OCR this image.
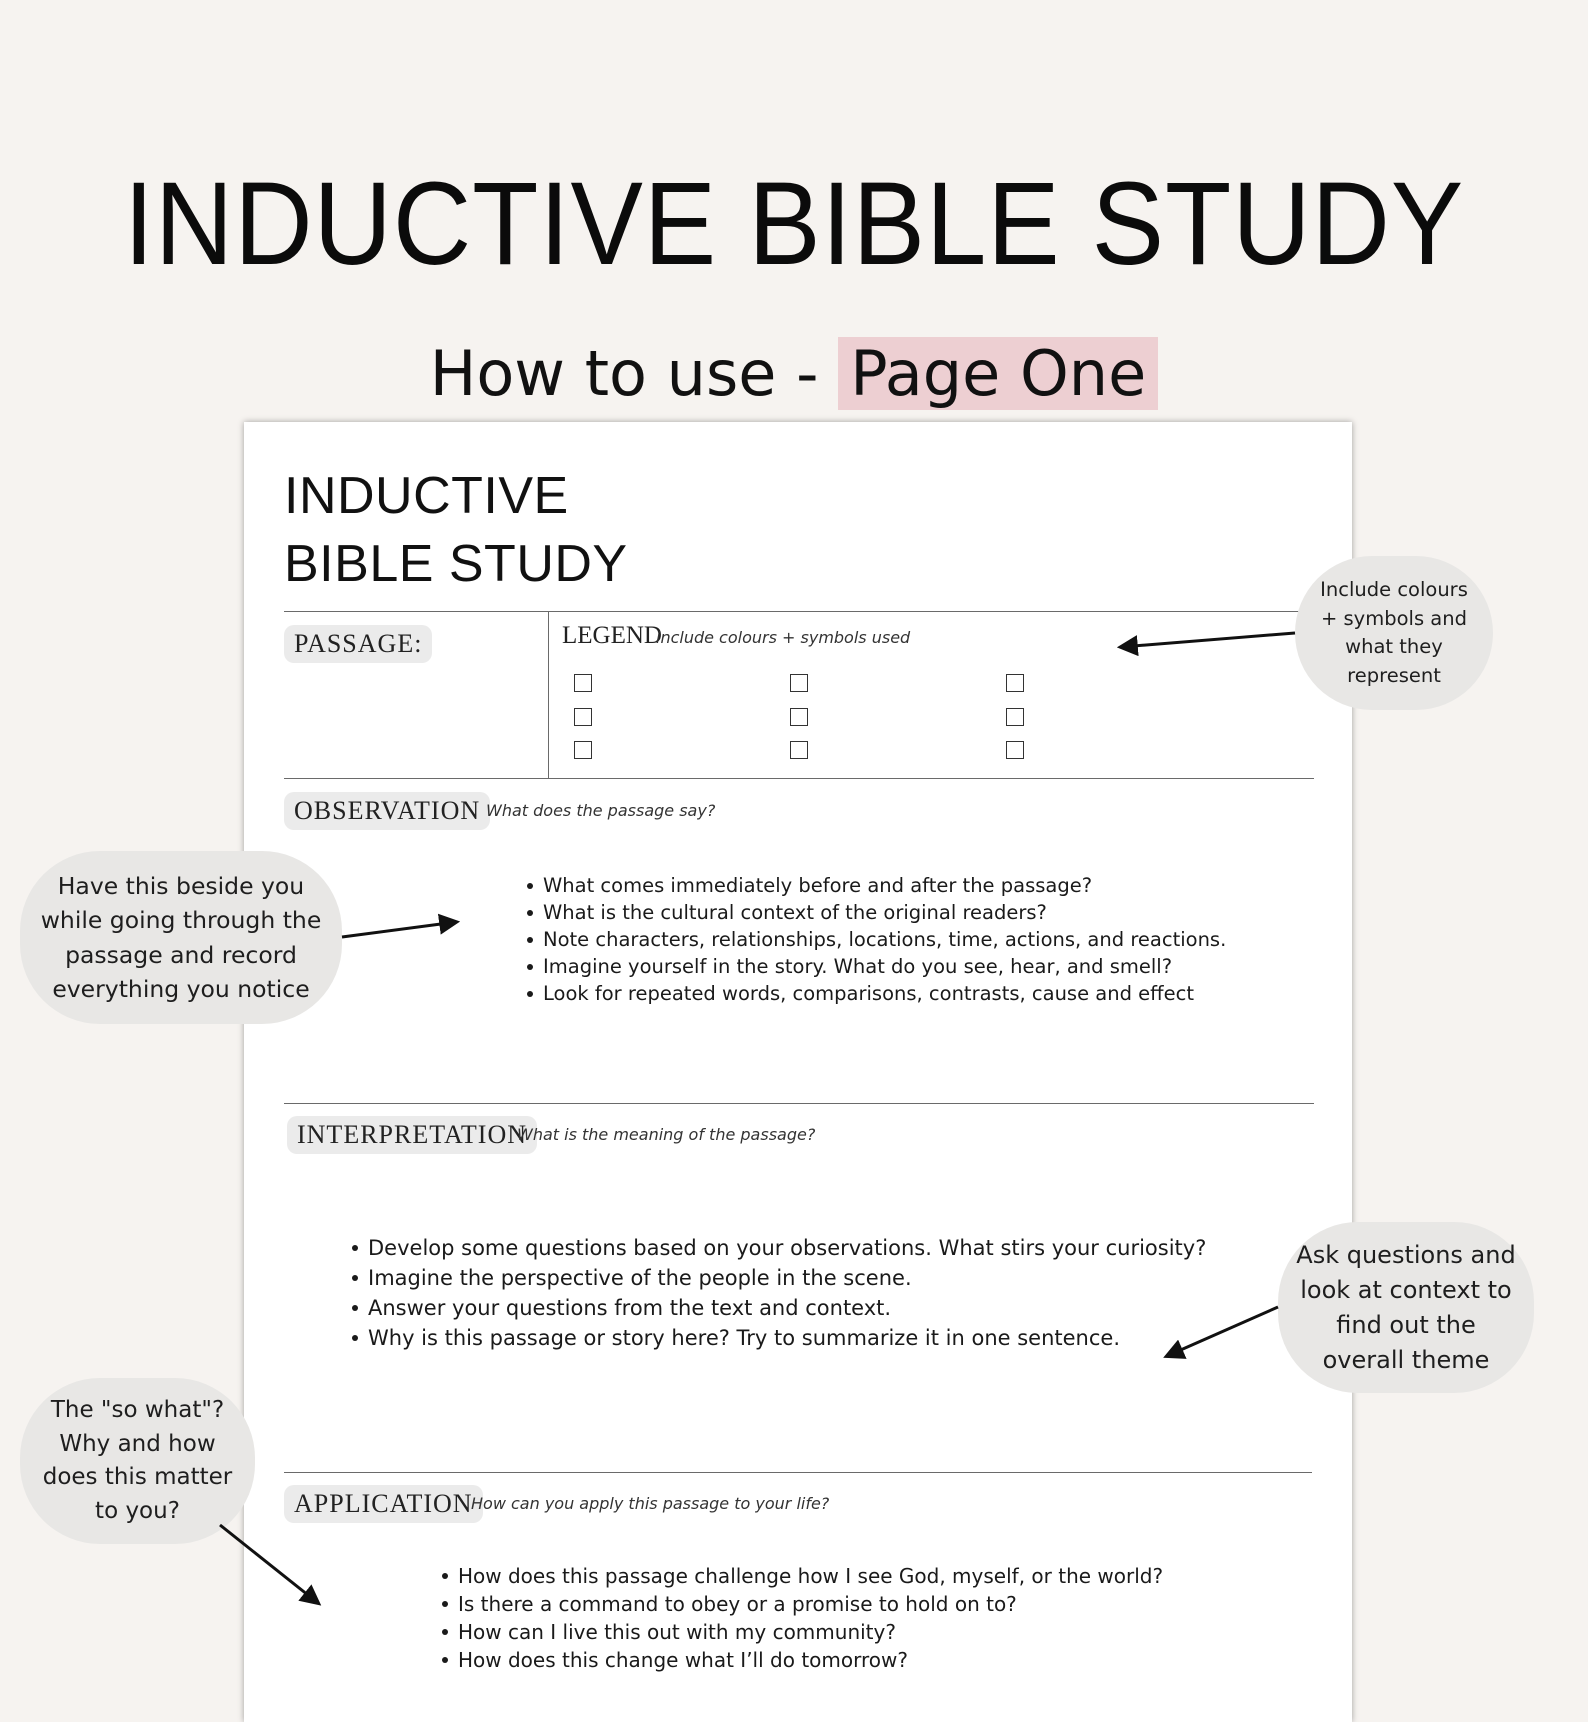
INDUCTIVE BIBLE STUDY
How to use - Page One
INDUCTIVE
BIBLE STUDY
PASSAGE:	LEGEND
include colours + symbols used
OBSERVATION What does the passage say?
What comes immediately before and after the passage?
What is the cultural context of the original readers?
Note characters, relationships, locations, time, actions, and reactions.
Imagine yourself in the story. What do you see, hear, and smell?
Look for repeated words, comparisons, contrasts, cause and effect
INTERPRETATION
What is the meaning of the passage?
Develop some questions based on your observations. What stirs your curiosity?
Imagine the perspective of the people in the scene.
Answer your questions from the text and context.
Why is this passage or story here? Try to summarize it in one sentence.
APPLICATION
How can you apply this passage to your life?
How does this passage challenge how I see God, myself, or the world?
Is there a command to obey or a promise to hold on to?
How can I live this out with my community?
How does this change what I’ll do tomorrow?
Include colours
+ symbols and
what they
represent
Have this beside you
while going through the
passage and record
everything you notice
Ask questions and
look at context to
find out the
overall theme
The "so what"?
Why and how
does this matter
to you?
